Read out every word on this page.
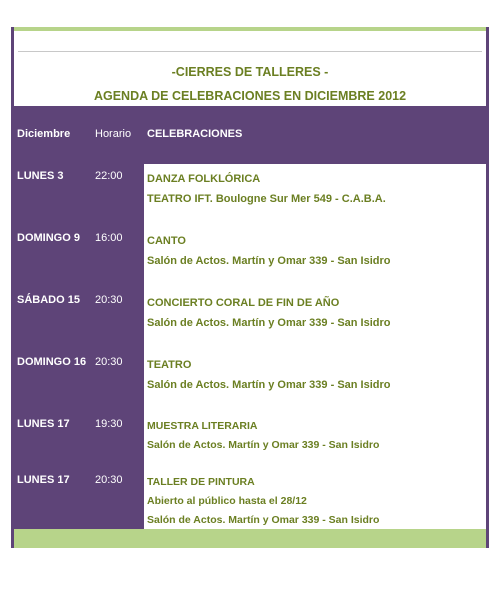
-CIERRES DE TALLERES -
AGENDA DE CELEBRACIONES EN DICIEMBRE 2012
Diciembre Horario CELEBRACIONES
LUNES 3	22:00 DANZA FOLKLÓRICA
TEATRO IFT. Boulogne Sur Mer 549 - C.A.B.A.
DOMINGO 9 16:00 CANTO
Salón de Actos. Martín y Omar 339 - San Isidro
SÁBADO 15 20:30 CONCIERTO CORAL DE FIN DE AÑO
Salón de Actos. Martín y Omar 339 - San Isidro
DOMINGO 16 20:30 TEATRO
Salón de Actos. Martín y Omar 339 - San Isidro
LUNES 17 19:30 MUESTRA LITERARIA
Salón de Actos. Martín y Omar 339 - San Isidro
LUNES 17 20:30 TALLER DE PINTURA
Abierto al público hasta el 28/12
Salón de Actos. Martín y Omar 339 - San Isidro
